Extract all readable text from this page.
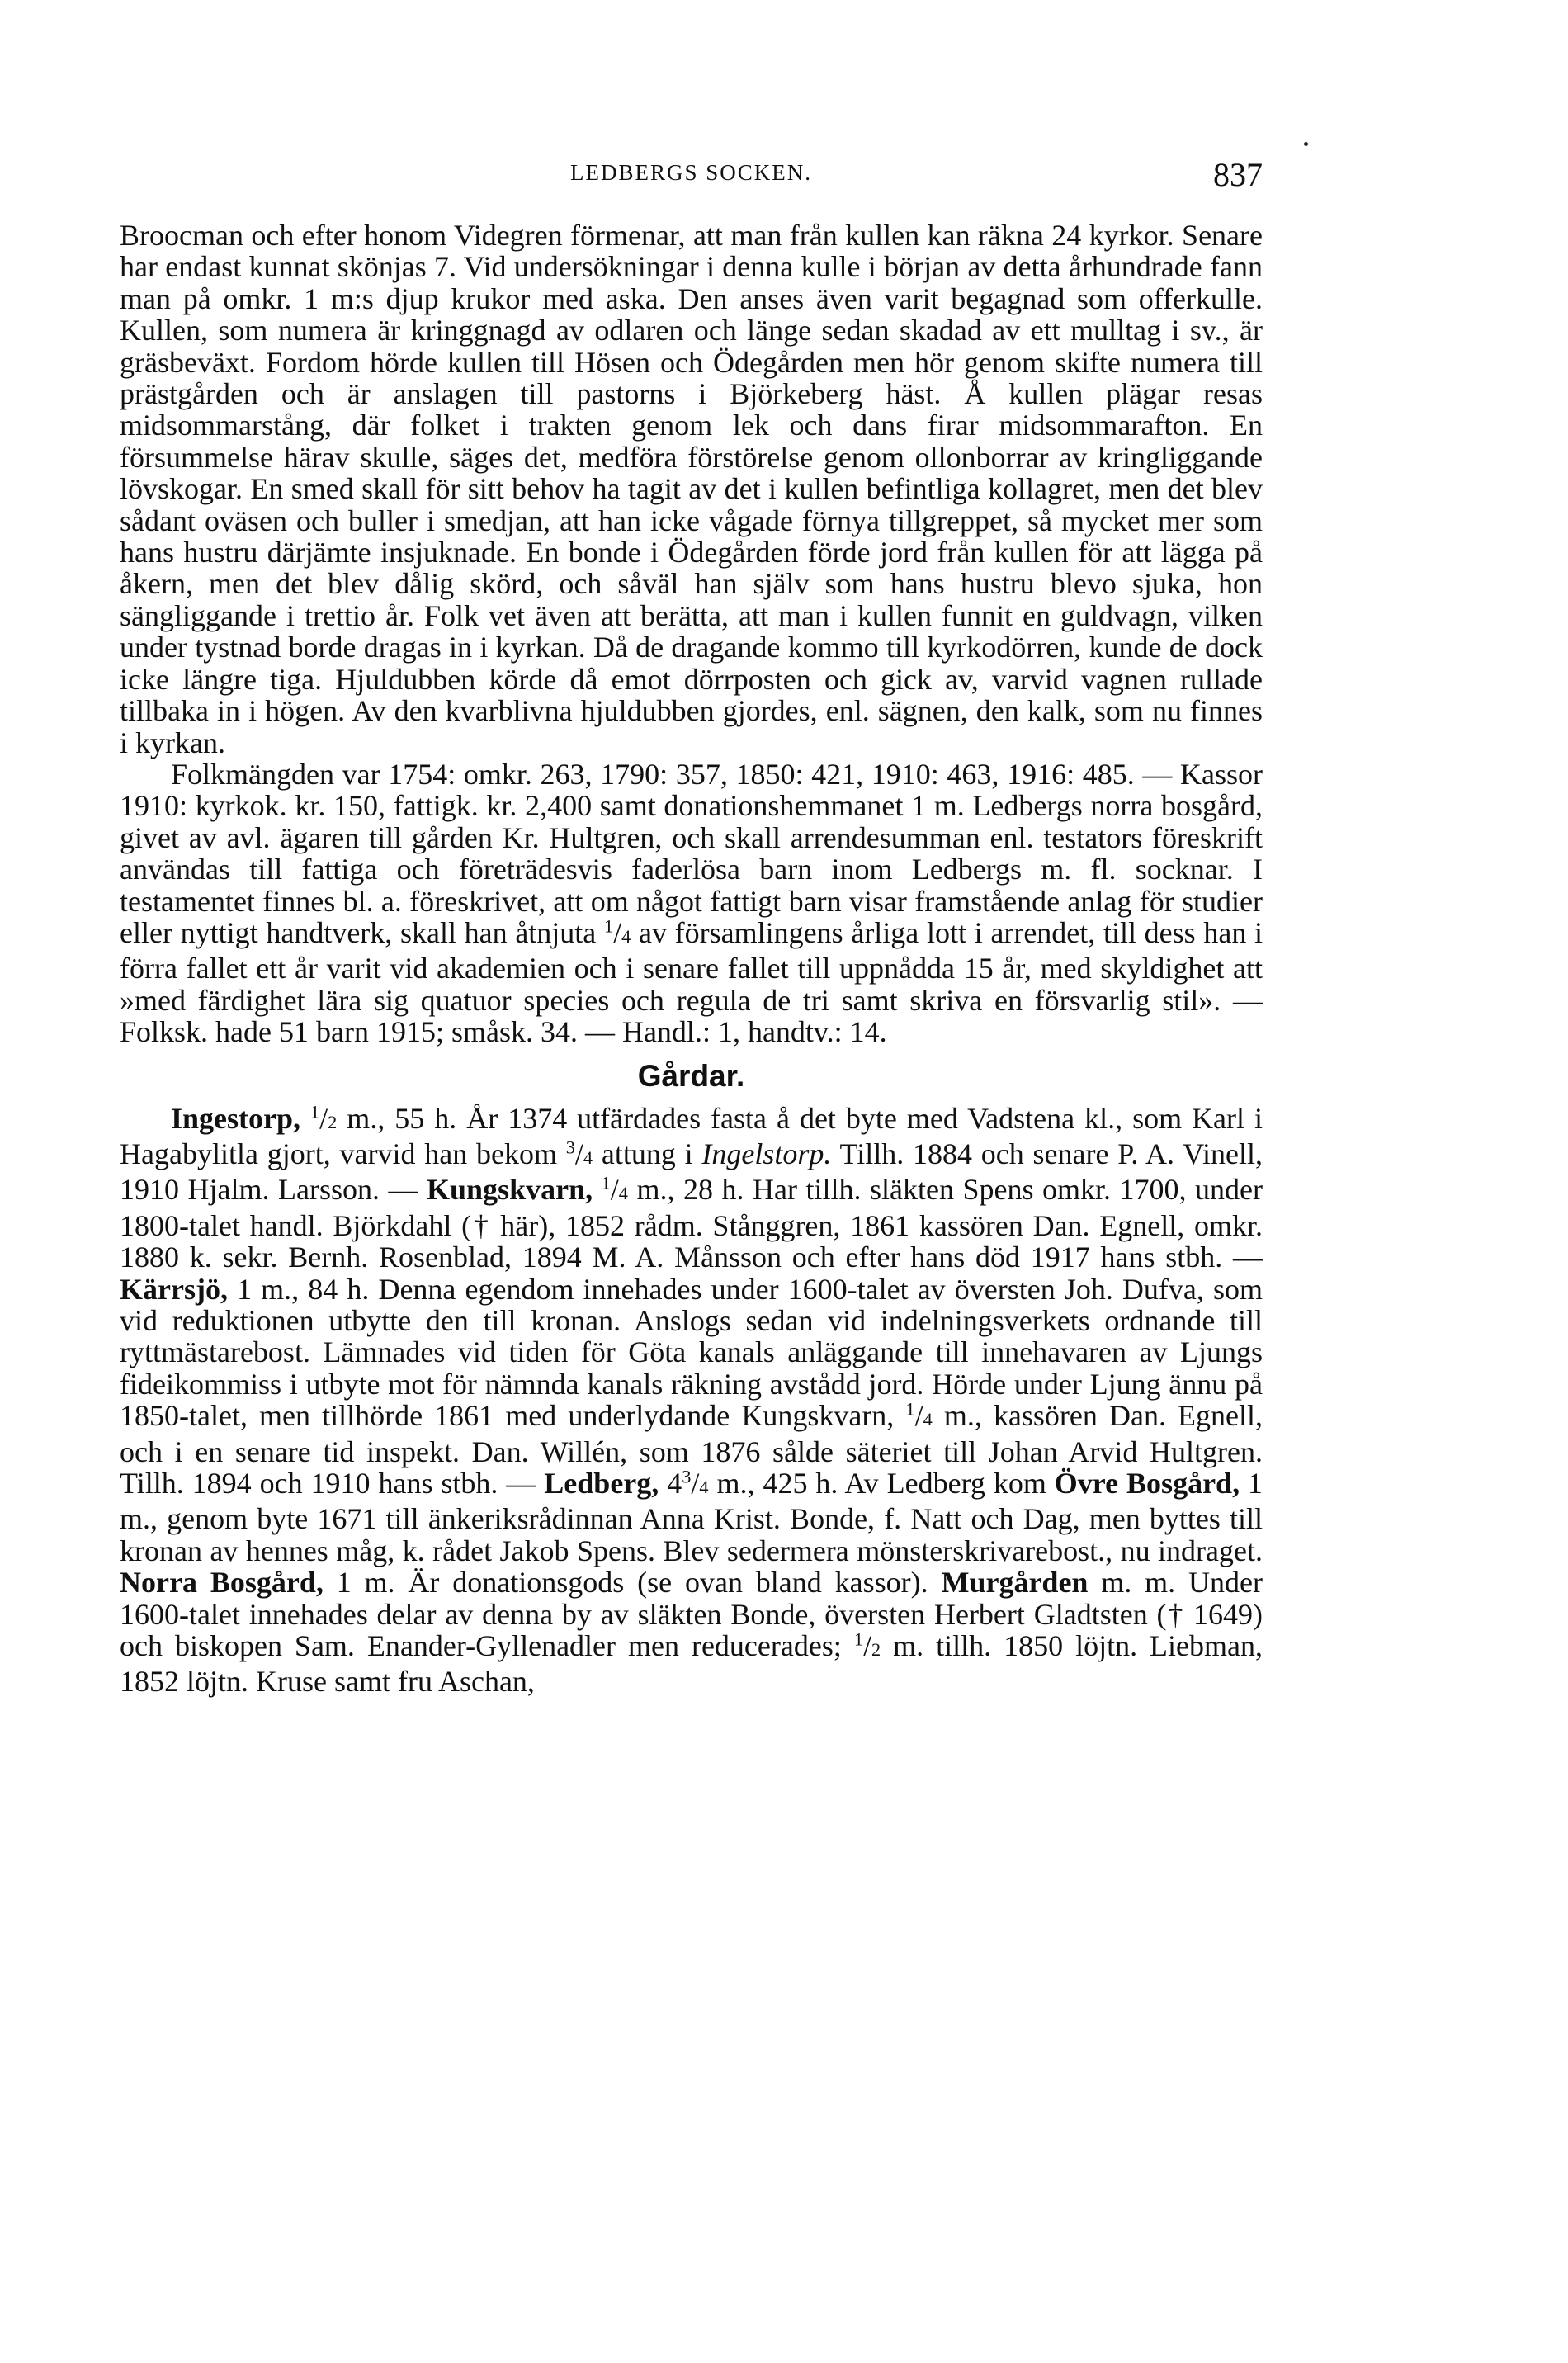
LEDBERGS SOCKEN.	837

Broocman och efter honom Videgren förmenar, att man från kullen kan räkna 24 kyrkor. Senare har endast kunnat skönjas 7. Vid undersökningar i denna kulle i början av detta århundrade fann man på omkr. 1 m:s djup krukor med aska. Den anses även varit begagnad som offerkulle. Kullen, som numera är kringgnagd av odlaren och länge sedan skadad av ett mulltag i sv., är gräsbeväxt. Fordom hörde kullen till Hösen och Ödegården men hör genom skifte numera till prästgården och är anslagen till pastorns i Björkeberg häst. Å kullen plägar resas midsommarstång, där folket i trakten genom lek och dans firar midsommarafton. En försummelse härav skulle, säges det, medföra förstörelse genom ollonborrar av kringliggande lövskogar. En smed skall för sitt behov ha tagit av det i kullen befintliga kollagret, men det blev sådant oväsen och buller i smedjan, att han icke vågade förnya tillgreppet, så mycket mer som hans hustru därjämte insjuknade. En bonde i Ödegården förde jord från kullen för att lägga på åkern, men det blev dålig skörd, och såväl han själv som hans hustru blevo sjuka, hon sängliggande i trettio år. Folk vet även att berätta, att man i kullen funnit en guldvagn, vilken under tystnad borde dragas in i kyrkan. Då de dragande kommo till kyrkodörren, kunde de dock icke längre tiga. Hjuldubben körde då emot dörrposten och gick av, varvid vagnen rullade tillbaka in i högen. Av den kvarblivna hjuldubben gjordes, enl. sägnen, den kalk, som nu finnes i kyrkan.

Folkmängden var 1754: omkr. 263, 1790: 357, 1850: 421, 1910: 463, 1916: 485. — Kassor 1910: kyrkok. kr. 150, fattigk. kr. 2,400 samt donationshemmanet 1 m. Ledbergs norra bosgård, givet av avl. ägaren till gården Kr. Hultgren, och skall arrendesumman enl. testators föreskrift användas till fattiga och företrädesvis faderlösa barn inom Ledbergs m. fl. socknar. I testamentet finnes bl. a. föreskrivet, att om något fattigt barn visar framstående anlag för studier eller nyttigt handtverk, skall han åtnjuta $^1$/4 av församlingens årliga lott i arrendet, till dess han i förra fallet ett år varit vid akademien och i senare fallet till uppnådda 15 år, med skyldighet att »med färdighet lära sig quatuor species och regula de tri samt skriva en försvarlig stil». — Folksk. hade 51 barn 1915; småsk. 34. — Handl.: 1, handtv.: 14.

Gårdar.

Ingestorp, $^1$/2 m., 55 h. År 1374 utfärdades fasta å det byte med Vadstena kl., som Karl i Hagabylitla gjort, varvid han bekom $^3$/4 attung i Ingelstorp. Tillh. 1884 och senare P. A. Vinell, 1910 Hjalm. Larsson. — Kungskvarn, $^1$/4 m., 28 h. Har tillh. släkten Spens omkr. 1700, under 1800-talet handl. Björkdahl († här), 1852 rådm. Stånggren, 1861 kassören Dan. Egnell, omkr. 1880 k. sekr. Bernh. Rosenblad, 1894 M. A. Månsson och efter hans död 1917 hans stbh. — Kärrsjö, 1 m., 84 h. Denna egendom innehades under 1600-talet av översten Joh. Dufva, som vid reduktionen utbytte den till kronan. Anslogs sedan vid indelningsverkets ordnande till ryttmästarebost. Lämnades vid tiden för Göta kanals anläggande till innehavaren av Ljungs fideikommiss i utbyte mot för nämnda kanals räkning avstådd jord. Hörde under Ljung ännu på 1850-talet, men tillhörde 1861 med underlydande Kungskvarn, $^1$/4 m., kassören Dan. Egnell, och i en senare tid inspekt. Dan. Willén, som 1876 sålde säteriet till Johan Arvid Hultgren. Tillh. 1894 och 1910 hans stbh. — Ledberg, $4^3/4$ m., 425 h. Av Ledberg kom Övre Bosgård, 1 m., genom byte 1671 till änkeriksrådinnan Anna Krist. Bonde, f. Natt och Dag, men byttes till kronan av hennes måg, k. rådet Jakob Spens. Blev sedermera mönsterskrivarebost., nu indraget. Norra Bosgård, 1 m. Är donationsgods (se ovan bland kassor). Murgården m. m. Under 1600-talet innehades delar av denna by av släkten Bonde, översten Herbert Gladtsten († 1649) och biskopen Sam. Enander-Gyllenadler men reducerades; $^1$/2 m. tillh. 1850 löjtn. Liebman, 1852 löjtn. Kruse samt fru Aschan,
